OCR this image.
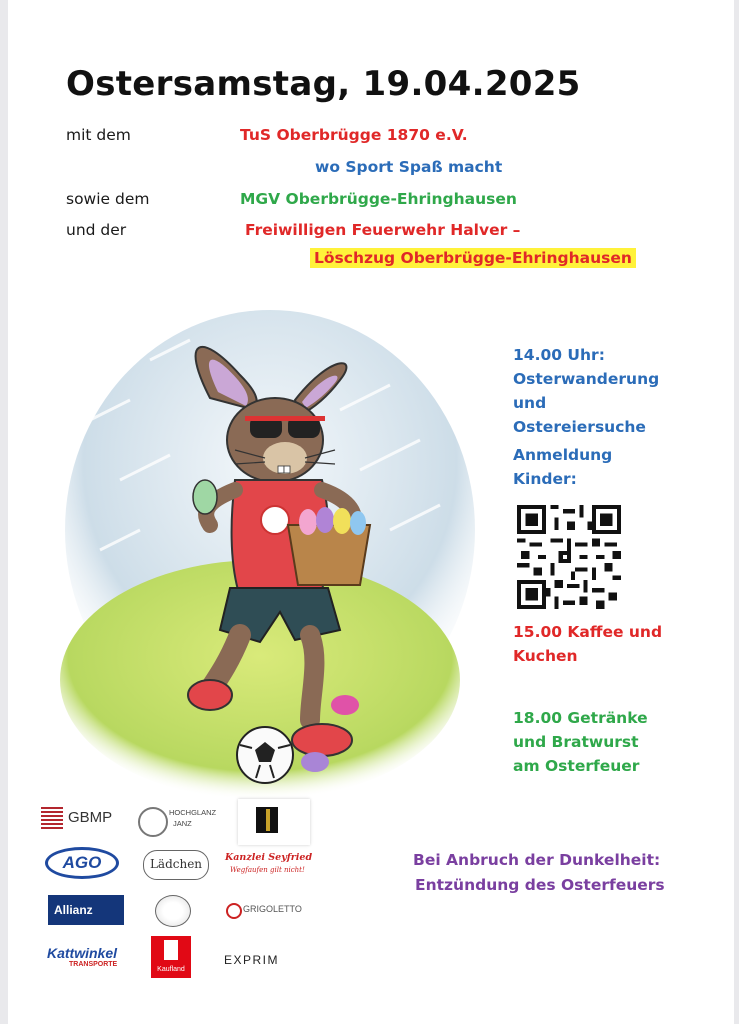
Ostersamstag, 19.04.2025
mit dem	TuS Oberbrügge 1870 e.V.
wo Sport Spaß macht
sowie dem	MGV Oberbrügge-Ehringhausen
und der	Freiwilligen Feuerwehr Halver –
Löschzug Oberbrügge-Ehringhausen
14.00 Uhr:
Osterwanderung
und
Ostereiersuche
Anmeldung
Kinder:
15.00 Kaffee und
Kuchen
18.00 Getränke
und Bratwurst
am Osterfeuer
Bei Anbruch der Dunkelheit:
Entzündung des Osterfeuers
GBMP	HOCHGLANZ
JANZ
AGO	Lädchen	Kanzlei Seyfried
Wegfaufen gilt nicht!
Allianz	GRIGOLETTO
Kattwinkel
TRANSPORTE
Kaufland
EXPRIM
